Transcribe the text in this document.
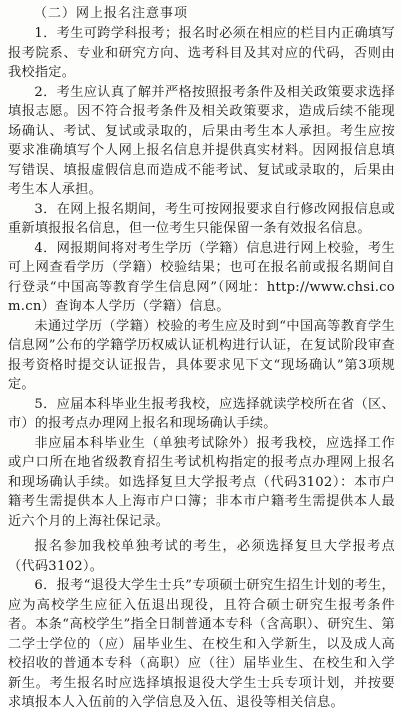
（二）网上报名注意事项

1．考生可跨学科报考；报名时必须在相应的栏目内正确填写报考院系、专业和研究方向、选考科目及其对应的代码，否则由我校指定。

2．考生应认真了解并严格按照报考条件及相关政策要求选择填报志愿。因不符合报考条件及相关政策要求，造成后续不能现场确认、考试、复试或录取的，后果由考生本人承担。考生应按要求准确填写个人网上报名信息并提供真实材料。因网报信息填写错误、填报虚假信息而造成不能考试、复试或录取的，后果由考生本人承担。

3．在网上报名期间，考生可按网报要求自行修改网报信息或重新填报报名信息，但一位考生只能保留一条有效报名信息。

4．网报期间将对考生学历（学籍）信息进行网上校验，考生可上网查看学历（学籍）校验结果；也可在报名前或报名期间自行登录“中国高等教育学生信息网”（网址：http://www.chsi.com.cn）查询本人学历（学籍）信息。

未通过学历（学籍）校验的考生应及时到“中国高等教育学生信息网”公布的学籍学历权威认证机构进行认证，在复试阶段审查报考资格时提交认证报告，具体要求见下文“现场确认”第3项规定。

5．应届本科毕业生报考我校，应选择就读学校所在省（区、市）的报考点办理网上报名和现场确认手续。

非应届本科毕业生（单独考试除外）报考我校，应选择工作或户口所在地省级教育招生考试机构指定的报考点办理网上报名和现场确认手续。如选择复旦大学报考点（代码3102）：本市户籍考生需提供本人上海市户口簿；非本市户籍考生需提供本人最近六个月的上海社保记录。

报名参加我校单独考试的考生，必须选择复旦大学报考点（代码3102）。

6．报考“退役大学生士兵”专项硕士研究生招生计划的考生，应为高校学生应征入伍退出现役，且符合硕士研究生报考条件者。本条“高校学生”指全日制普通本专科（含高职）、研究生、第二学士学位的（应）届毕业生、在校生和入学新生，以及成人高校招收的普通本专科（高职）应（往）届毕业生、在校生和入学新生。考生报名时应选择填报退役大学生士兵专项计划，并按要求填报本人入伍前的入学信息及入伍、退役等相关信息。
